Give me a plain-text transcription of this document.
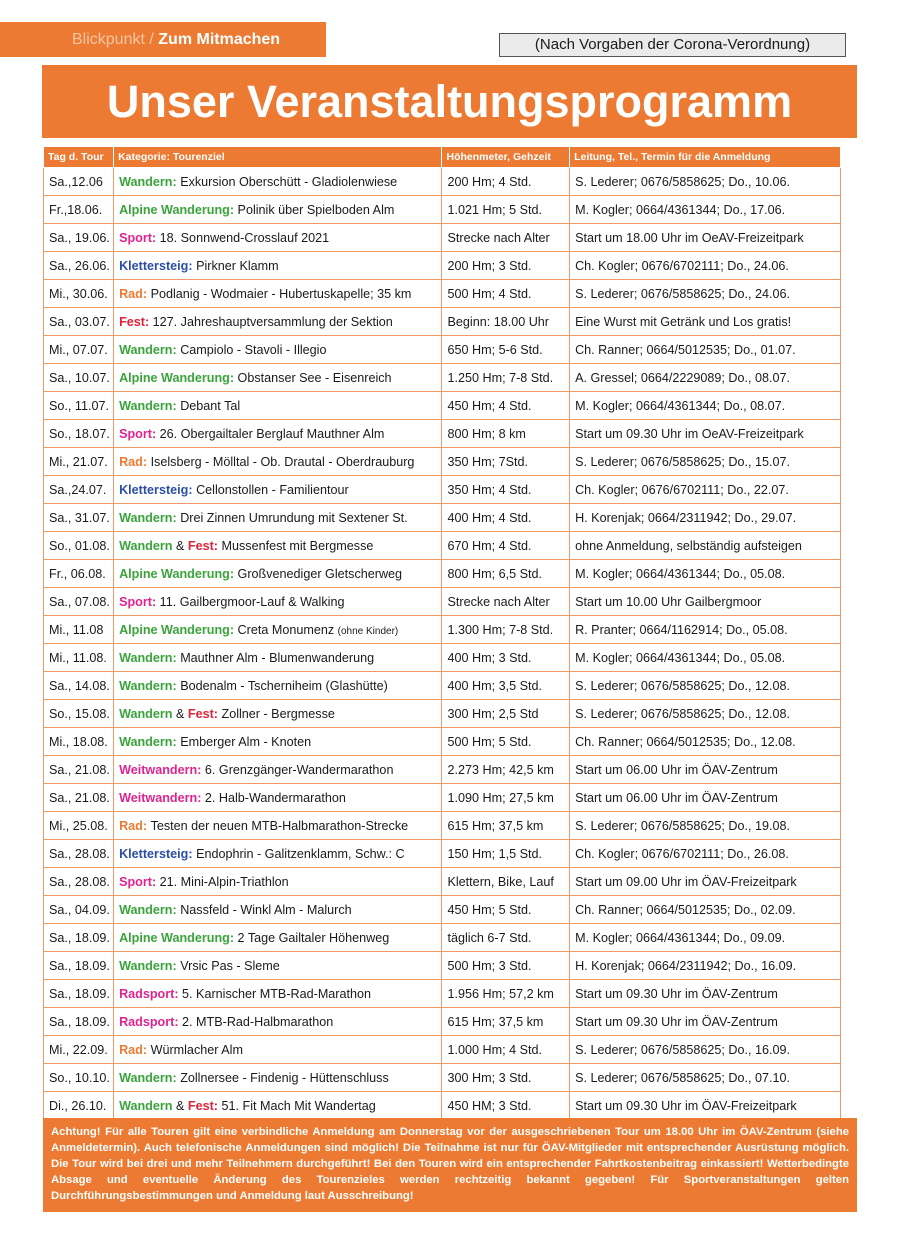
Blickpunkt / Zum Mitmachen	(Nach Vorgaben der Corona-Verordnung)
Unser Veranstaltungsprogramm
Tag d. Tour	Kategorie: Tourenziel	Höhenmeter, Gehzeit	Leitung, Tel., Termin für die Anmeldung
Sa.,12.06	Wandern: Exkursion Oberschütt - Gladiolenwiese	200 Hm; 4 Std.	S. Lederer; 0676/5858625; Do., 10.06.
Fr.,18.06.	Alpine Wanderung: Polinik über Spielboden Alm	1.021 Hm; 5 Std.	M. Kogler; 0664/4361344; Do., 17.06.
Sa., 19.06.	Sport: 18. Sonnwend-Crosslauf 2021	Strecke nach Alter	Start um 18.00 Uhr im OeAV-Freizeitpark
Sa., 26.06.	Klettersteig: Pirkner Klamm	200 Hm; 3 Std.	Ch. Kogler; 0676/6702111; Do., 24.06.
Mi., 30.06.	Rad: Podlanig - Wodmaier - Hubertuskapelle; 35 km	500 Hm; 4 Std.	S. Lederer; 0676/5858625; Do., 24.06.
Sa., 03.07.	Fest: 127. Jahreshauptversammlung der Sektion	Beginn: 18.00 Uhr	Eine Wurst mit Getränk und Los gratis!
Mi., 07.07.	Wandern: Campiolo - Stavoli - Illegio	650 Hm; 5-6 Std.	Ch. Ranner; 0664/5012535; Do., 01.07.
Sa., 10.07.	Alpine Wanderung: Obstanser See - Eisenreich	1.250 Hm; 7-8 Std.	A. Gressel; 0664/2229089; Do., 08.07.
So., 11.07.	Wandern: Debant Tal	450 Hm; 4 Std.	M. Kogler; 0664/4361344; Do., 08.07.
So., 18.07.	Sport: 26. Obergailtaler Berglauf Mauthner Alm	800 Hm; 8 km	Start um 09.30 Uhr im OeAV-Freizeitpark
Mi., 21.07.	Rad: Iselsberg - Mölltal - Ob. Drautal - Oberdrauburg	350 Hm; 7Std.	S. Lederer; 0676/5858625; Do., 15.07.
Sa.,24.07.	Klettersteig: Cellonstollen - Familientour	350 Hm; 4 Std.	Ch. Kogler; 0676/6702111; Do., 22.07.
Sa., 31.07.	Wandern: Drei Zinnen Umrundung mit Sextener St.	400 Hm; 4 Std.	H. Korenjak; 0664/2311942; Do., 29.07.
So., 01.08.	Wandern & Fest: Mussenfest mit Bergmesse	670 Hm; 4 Std.	ohne Anmeldung, selbständig aufsteigen
Fr., 06.08.	Alpine Wanderung: Großvenediger Gletscherweg	800 Hm; 6,5 Std.	M. Kogler; 0664/4361344; Do., 05.08.
Sa., 07.08.	Sport: 11. Gailbergmoor-Lauf & Walking	Strecke nach Alter	Start um 10.00 Uhr Gailbergmoor
Mi., 11.08	Alpine Wanderung: Creta Monumenz (ohne Kinder)	1.300 Hm; 7-8 Std.	R. Pranter; 0664/1162914; Do., 05.08.
Mi., 11.08.	Wandern: Mauthner Alm - Blumenwanderung	400 Hm; 3 Std.	M. Kogler; 0664/4361344; Do., 05.08.
Sa., 14.08.	Wandern: Bodenalm - Tscherniheim (Glashütte)	400 Hm; 3,5 Std.	S. Lederer; 0676/5858625; Do., 12.08.
So., 15.08.	Wandern & Fest: Zollner - Bergmesse	300 Hm; 2,5 Std	S. Lederer; 0676/5858625; Do., 12.08.
Mi., 18.08.	Wandern: Emberger Alm - Knoten	500 Hm; 5 Std.	Ch. Ranner; 0664/5012535; Do., 12.08.
Sa., 21.08.	Weitwandern: 6. Grenzgänger-Wandermarathon	2.273 Hm; 42,5 km	Start um 06.00 Uhr im ÖAV-Zentrum
Sa., 21.08.	Weitwandern: 2. Halb-Wandermarathon	1.090 Hm; 27,5 km	Start um 06.00 Uhr im ÖAV-Zentrum
Mi., 25.08.	Rad: Testen der neuen MTB-Halbmarathon-Strecke	615 Hm; 37,5 km	S. Lederer; 0676/5858625; Do., 19.08.
Sa., 28.08.	Klettersteig: Endophrin - Galitzenklamm, Schw.: C	150 Hm; 1,5 Std.	Ch. Kogler; 0676/6702111; Do., 26.08.
Sa., 28.08.	Sport: 21. Mini-Alpin-Triathlon	Klettern, Bike, Lauf	Start um 09.00 Uhr im ÖAV-Freizeitpark
Sa., 04.09.	Wandern: Nassfeld - Winkl Alm - Malurch	450 Hm; 5 Std.	Ch. Ranner; 0664/5012535; Do., 02.09.
Sa., 18.09.	Alpine Wanderung: 2 Tage Gailtaler Höhenweg	täglich 6-7 Std.	M. Kogler; 0664/4361344; Do., 09.09.
Sa., 18.09.	Wandern: Vrsic Pas - Sleme	500 Hm; 3 Std.	H. Korenjak; 0664/2311942; Do., 16.09.
Sa., 18.09.	Radsport: 5. Karnischer MTB-Rad-Marathon	1.956 Hm; 57,2 km	Start um 09.30 Uhr im ÖAV-Zentrum
Sa., 18.09.	Radsport: 2. MTB-Rad-Halbmarathon	615 Hm; 37,5 km	Start um 09.30 Uhr im ÖAV-Zentrum
Mi., 22.09.	Rad: Würmlacher Alm	1.000 Hm; 4 Std.	S. Lederer; 0676/5858625; Do., 16.09.
So., 10.10.	Wandern: Zollnersee - Findenig - Hüttenschluss	300 Hm; 3 Std.	S. Lederer; 0676/5858625; Do., 07.10.
Di., 26.10.	Wandern & Fest: 51. Fit Mach Mit Wandertag	450 HM; 3 Std.	Start um 09.30 Uhr im ÖAV-Freizeitpark
Achtung! Für alle Touren gilt eine verbindliche Anmeldung am Donnerstag vor der ausgeschriebenen Tour um 18.00 Uhr im ÖAV-Zentrum (siehe Anmeldetermin). Auch telefonische Anmeldungen sind möglich! Die Teilnahme ist nur für ÖAV-Mitglieder mit entsprechender Ausrüstung möglich. Die Tour wird bei drei und mehr Teilnehmern durchgeführt! Bei den Touren wird ein entsprechender Fahrtkostenbeitrag einkassiert! Wetterbedingte Absage und eventuelle Änderung des Tourenzieles werden rechtzeitig bekannt gegeben! Für Sportveranstaltungen gelten Durchführungsbestimmungen und Anmeldung laut Ausschreibung!
